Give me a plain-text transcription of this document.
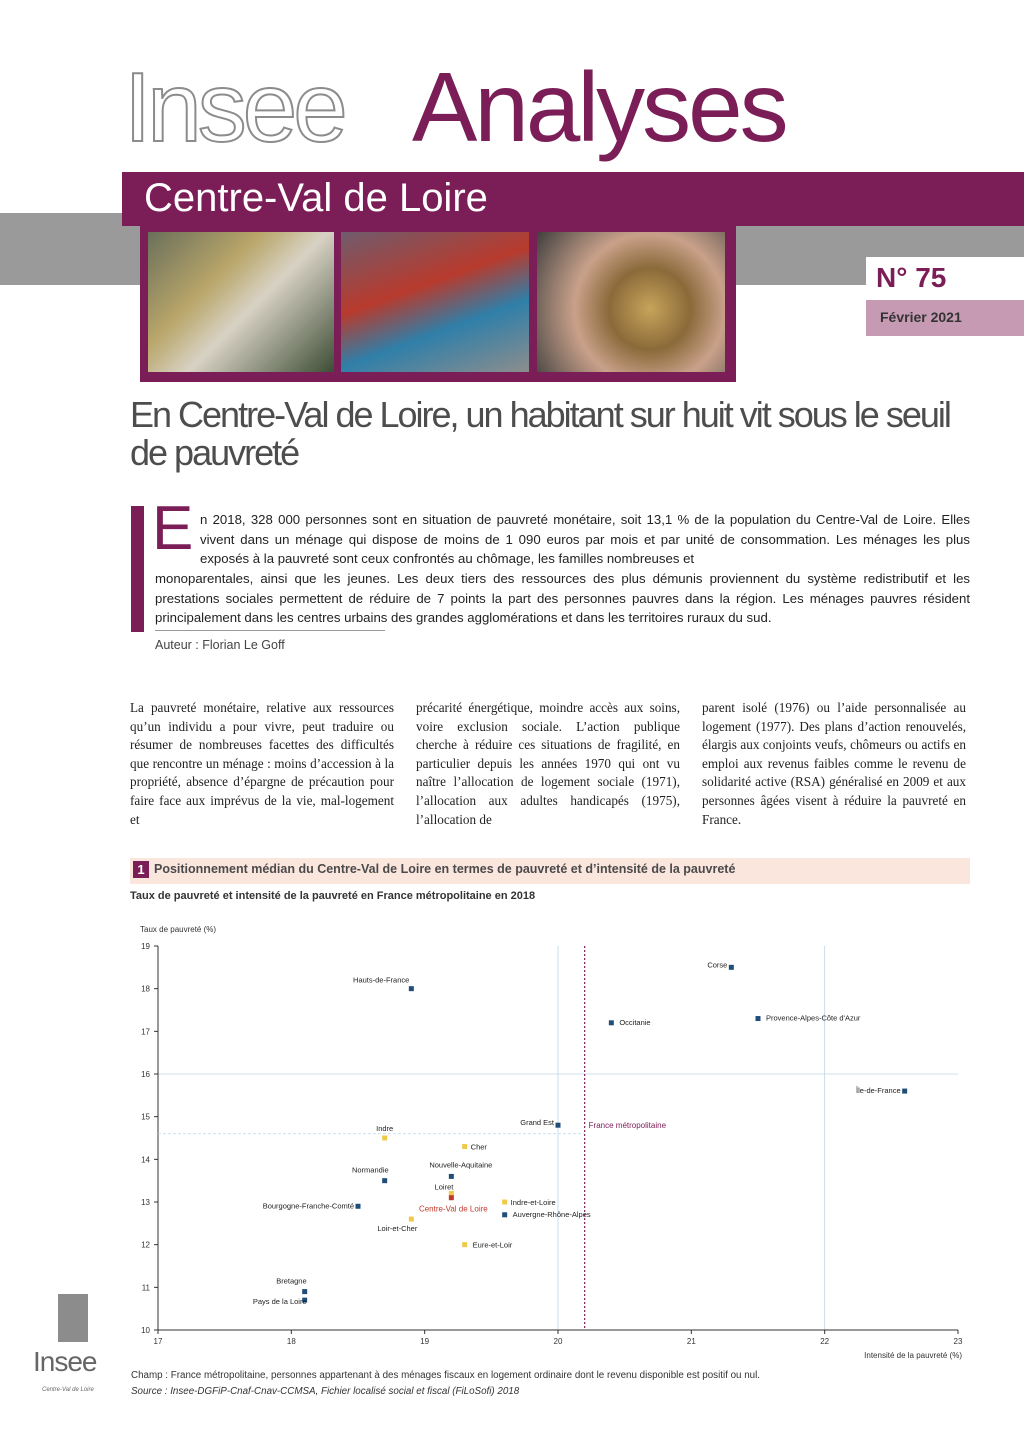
Insee Analyses
Centre-Val de Loire
N° 75
Février 2021
En Centre-Val de Loire, un habitant sur huit vit sous le seuil de pauvreté
E n 2018, 328 000 personnes sont en situation de pauvreté monétaire, soit 13,1 % de la population du Centre-Val de Loire. Elles vivent dans un ménage qui dispose de moins de 1 090 euros par mois et par unité de consommation. Les ménages les plus exposés à la pauvreté sont ceux confrontés au chômage, les familles nombreuses et
monoparentales, ainsi que les jeunes. Les deux tiers des ressources des plus démunis proviennent du système redistributif et les prestations sociales permettent de réduire de 7 points la part des personnes pauvres dans la région. Les ménages pauvres résident principalement dans les centres urbains des grandes agglomérations et dans les territoires ruraux du sud.
Auteur : Florian Le Goff
La pauvreté monétaire, relative aux ressources qu’un individu a pour vivre, peut traduire ou résumer de nombreuses facettes des difficultés que rencontre un ménage : moins d’accession à la propriété, absence d’épargne de précaution pour faire face aux imprévus de la vie, mal-logement et
précarité énergétique, moindre accès aux soins, voire exclusion sociale. L’action publique cherche à réduire ces situations de fragilité, en particulier depuis les années 1970 qui ont vu naître l’allocation de logement sociale (1971), l’allocation aux adultes handicapés (1975), l’allocation de
parent isolé (1976) ou l’aide personnalisée au logement (1977). Des plans d’action renouvelés, élargis aux conjoints veufs, chômeurs ou actifs en emploi aux revenus faibles comme le revenu de solidarité active (RSA) généralisé en 2009 et aux personnes âgées visent à réduire la pauvreté en France.
1 Positionnement médian du Centre-Val de Loire en termes de pauvreté et d’intensité de la pauvreté
Taux de pauvreté et intensité de la pauvreté en France métropolitaine en 2018
10
11
12
13
14
15
16
17
18
19
17	18	19	20	21	22	23
Taux de pauvreté (%)
Intensité de la pauvreté (%)
France métropolitaine
Hauts-de-France
Corse
Occitanie	Provence-Alpes-Côte d'Azur
Île-de-France
Grand Est
Indre
Cher
Normandie
Nouvelle-Aquitaine
Loiret
Indre-et-Loire
Bourgogne-Franche-Comté	Centre-Val de Loire
Auvergne-Rhône-Alpes
Loir-et-Cher
Eure-et-Loir
Bretagne
Pays de la Loire
Champ : France métropolitaine, personnes appartenant à des ménages fiscaux en logement ordinaire dont le revenu disponible est positif ou nul.
Source : Insee-DGFiP-Cnaf-Cnav-CCMSA, Fichier localisé social et fiscal (FiLoSofi) 2018
Insee
Centre-Val de Loire
